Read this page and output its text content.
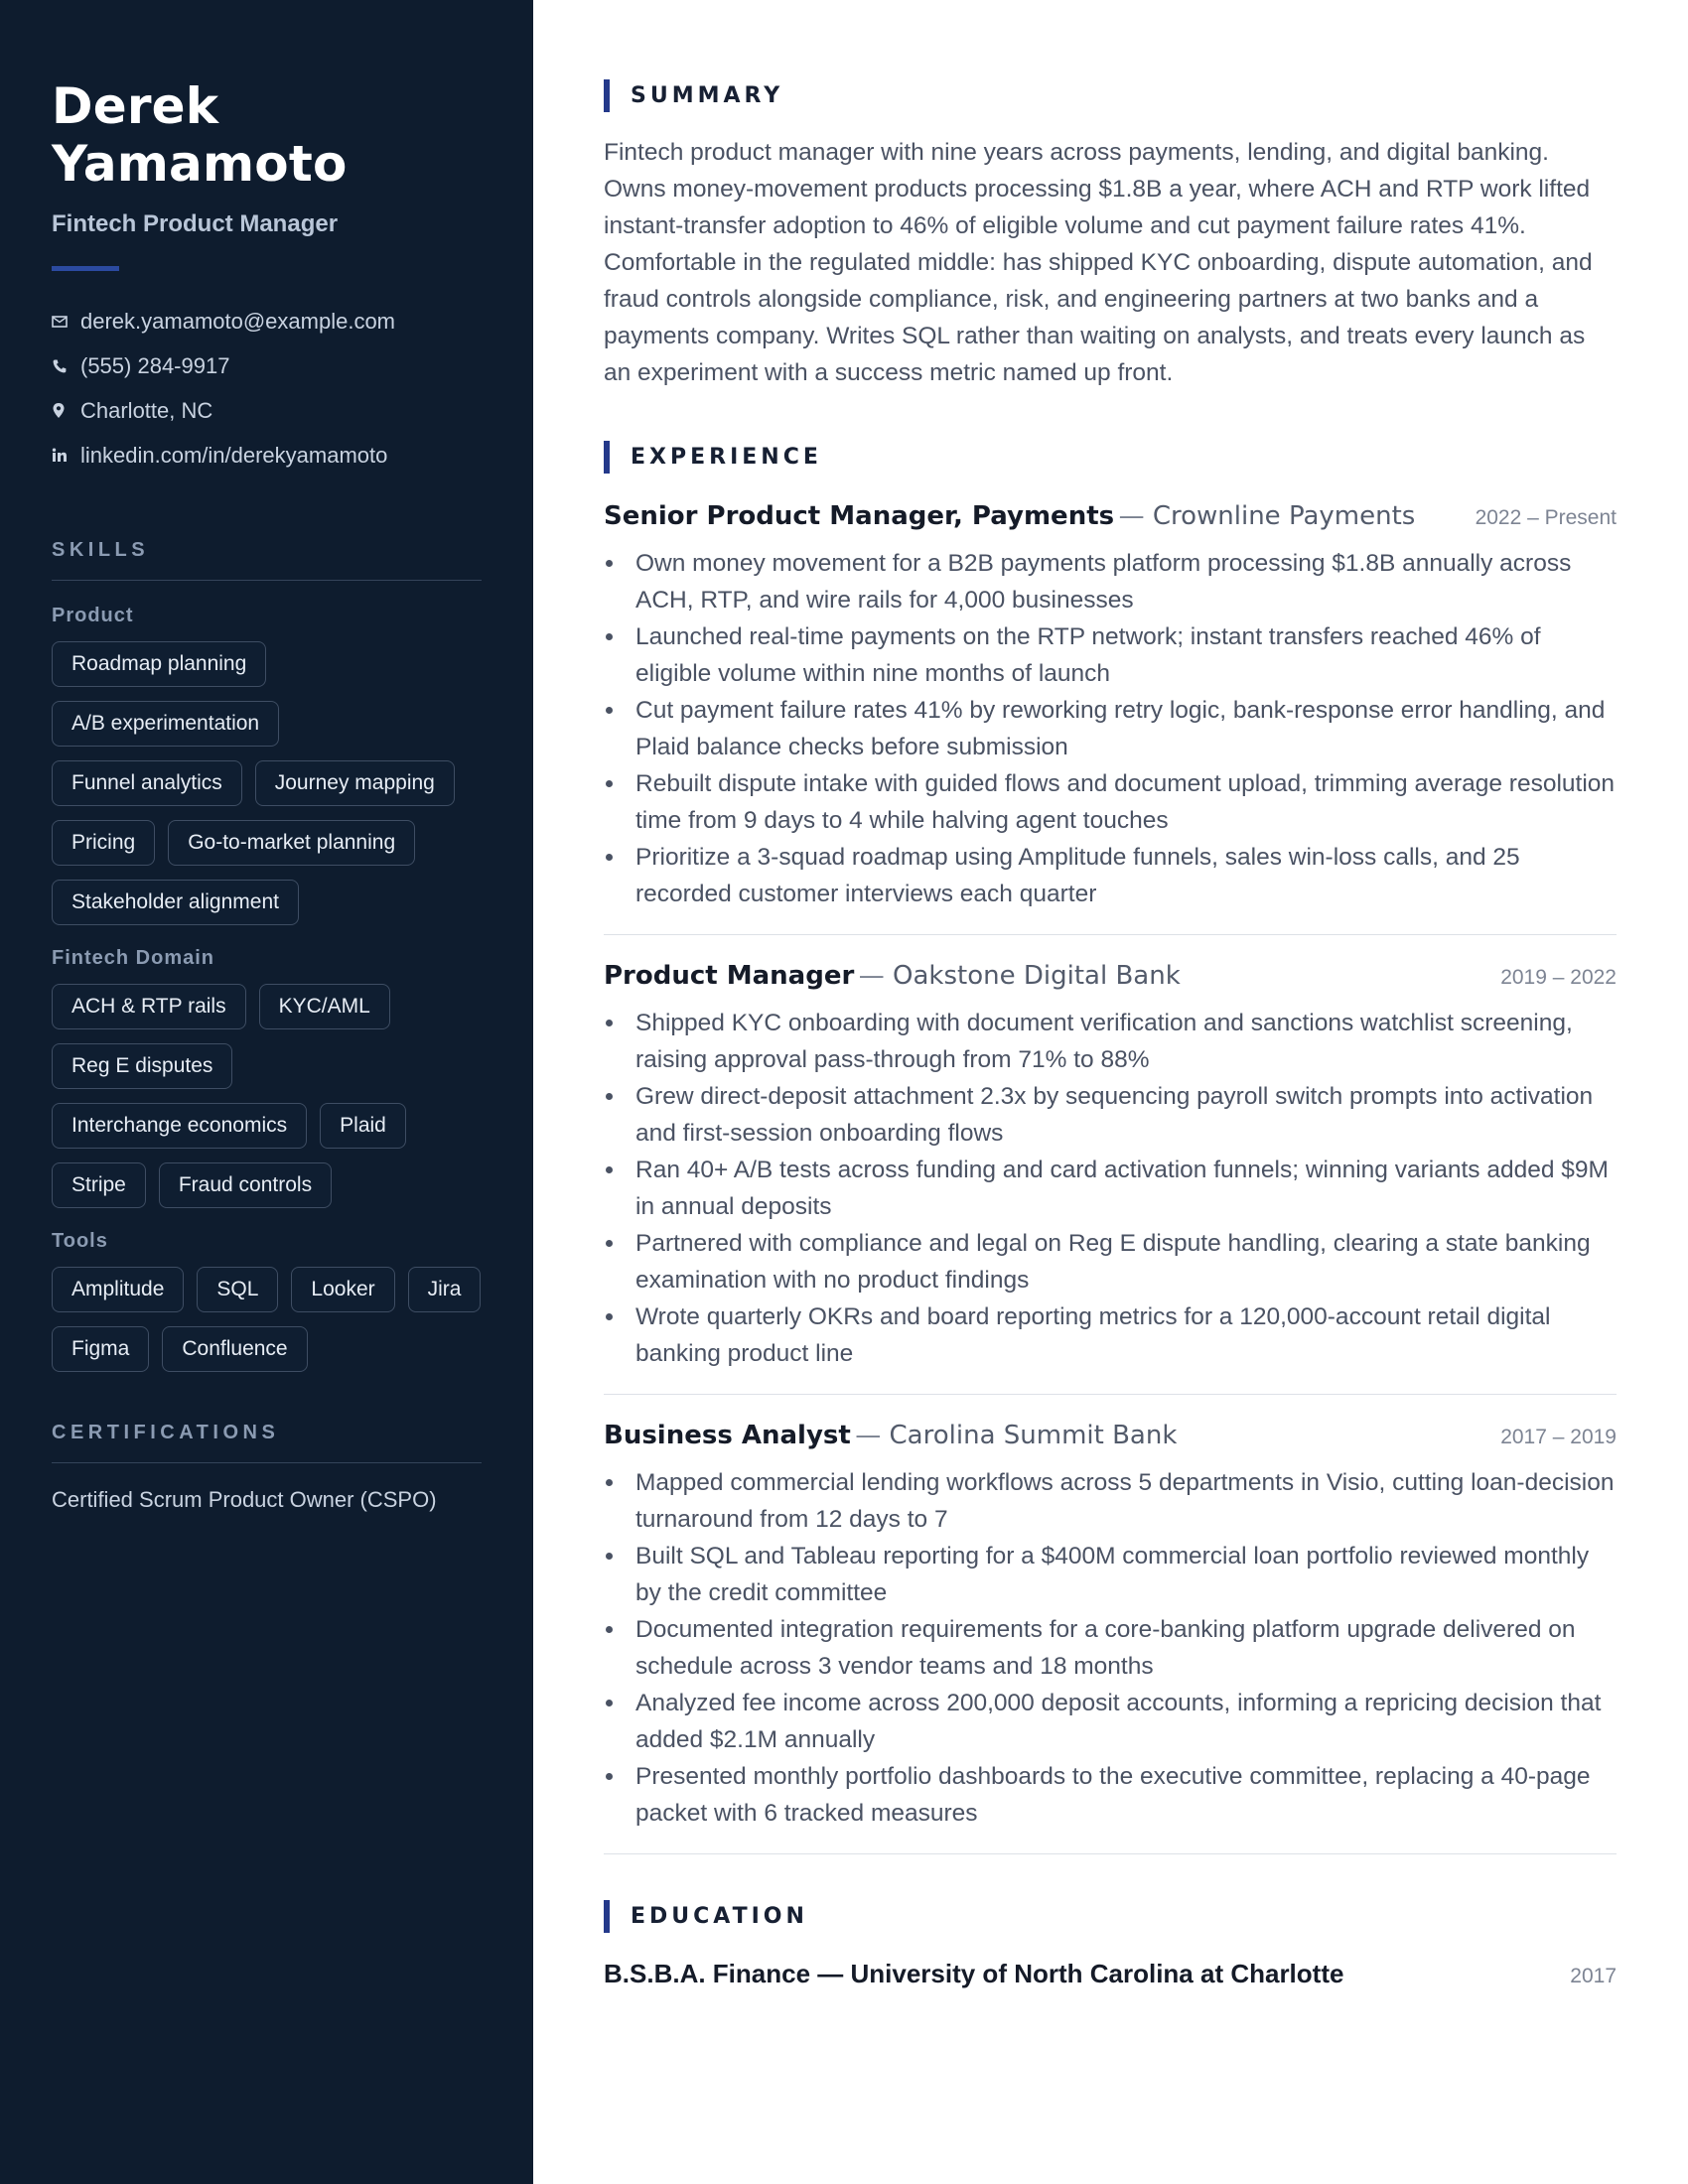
Derek
Yamamoto
Fintech Product Manager
derek.yamamoto@example.com
(555) 284-9917
Charlotte, NC
linkedin.com/in/derekyamamoto
SKILLS
Product
Roadmap planning
A/B experimentation
Funnel analytics	Journey mapping
Pricing	Go-to-market planning
Stakeholder alignment
Fintech Domain
ACH & RTP rails	KYC/AML
Reg E disputes
Interchange economics	Plaid
Stripe	Fraud controls
Tools
Amplitude	SQL	Looker	Jira
Figma	Confluence
CERTIFICATIONS
Certified Scrum Product Owner (CSPO)
SUMMARY

Fintech product manager with nine years across payments, lending, and digital banking. Owns money-movement products processing $1.8B a year, where ACH and RTP work lifted instant-transfer adoption to 46% of eligible volume and cut payment failure rates 41%. Comfortable in the regulated middle: has shipped KYC onboarding, dispute automation, and fraud controls alongside compliance, risk, and engineering partners at two banks and a payments company. Writes SQL rather than waiting on analysts, and treats every launch as an experiment with a success metric named up front.

EXPERIENCE
Senior Product Manager, Payments — Crownline Payments	2022 – Present
Own money movement for a B2B payments platform processing $1.8B annually across ACH, RTP, and wire rails for 4,000 businesses
Launched real-time payments on the RTP network; instant transfers reached 46% of eligible volume within nine months of launch
Cut payment failure rates 41% by reworking retry logic, bank-response error handling, and Plaid balance checks before submission
Rebuilt dispute intake with guided flows and document upload, trimming average resolution time from 9 days to 4 while halving agent touches
Prioritize a 3-squad roadmap using Amplitude funnels, sales win-loss calls, and 25 recorded customer interviews each quarter
Product Manager — Oakstone Digital Bank	2019 – 2022
Shipped KYC onboarding with document verification and sanctions watchlist screening, raising approval pass-through from 71% to 88%
Grew direct-deposit attachment 2.3x by sequencing payroll switch prompts into activation and first-session onboarding flows
Ran 40+ A/B tests across funding and card activation funnels; winning variants added $9M in annual deposits
Partnered with compliance and legal on Reg E dispute handling, clearing a state banking examination with no product findings
Wrote quarterly OKRs and board reporting metrics for a 120,000-account retail digital banking product line
Business Analyst — Carolina Summit Bank	2017 – 2019
Mapped commercial lending workflows across 5 departments in Visio, cutting loan-decision turnaround from 12 days to 7
Built SQL and Tableau reporting for a $400M commercial loan portfolio reviewed monthly by the credit committee
Documented integration requirements for a core-banking platform upgrade delivered on schedule across 3 vendor teams and 18 months
Analyzed fee income across 200,000 deposit accounts, informing a repricing decision that added $2.1M annually
Presented monthly portfolio dashboards to the executive committee, replacing a 40-page packet with 6 tracked measures
EDUCATION
B.S.B.A. Finance — University of North Carolina at Charlotte	2017
